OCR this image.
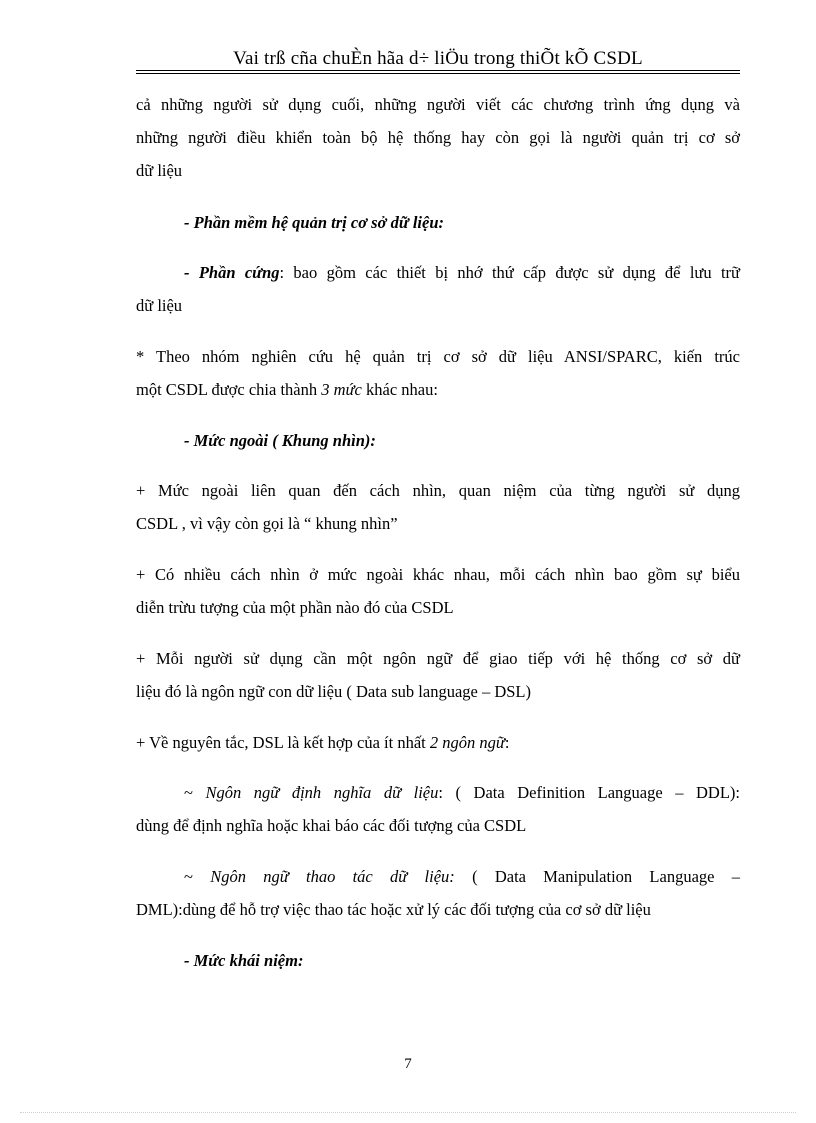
Vai trß cña chuÈn hãa d÷ liÖu trong thiÕt kÕ CSDL
cả những người sử dụng cuối, những người viết các chương trình ứng dụng và
những người điều khiển toàn bộ hệ thống hay còn gọi là người quản trị cơ sở
dữ liệu
- Phần mềm hệ quản trị cơ sở dữ liệu:
- Phần cứng: bao gồm các thiết bị nhớ thứ cấp được sử dụng để lưu trữ
dữ liệu
* Theo nhóm nghiên cứu hệ quản trị cơ sở dữ liệu ANSI/SPARC, kiến trúc
một CSDL được chia thành 3 mức khác nhau:
- Mức ngoài ( Khung nhìn):
+ Mức ngoài liên quan đến cách nhìn, quan niệm của từng người sử dụng
CSDL , vì vậy còn gọi là “ khung nhìn”
+ Có nhiều cách nhìn ở mức ngoài khác nhau, mỗi cách nhìn bao gồm sự biểu
diễn trừu tượng của một phần nào đó của CSDL
+ Mỗi người sử dụng cần một ngôn ngữ để giao tiếp với hệ thống cơ sở dữ
liệu đó là ngôn ngữ con dữ liệu ( Data sub language – DSL)
+ Về nguyên tắc, DSL là kết hợp của ít nhất 2 ngôn ngữ:
~ Ngôn ngữ định nghĩa dữ liệu: ( Data Definition Language – DDL):
dùng để định nghĩa hoặc khai báo các đối tượng của CSDL
~ Ngôn ngữ thao tác dữ liệu: ( Data Manipulation Language –
DML):dùng để hỗ trợ việc thao tác hoặc xử lý các đối tượng của cơ sở dữ liệu
- Mức khái niệm:
7
